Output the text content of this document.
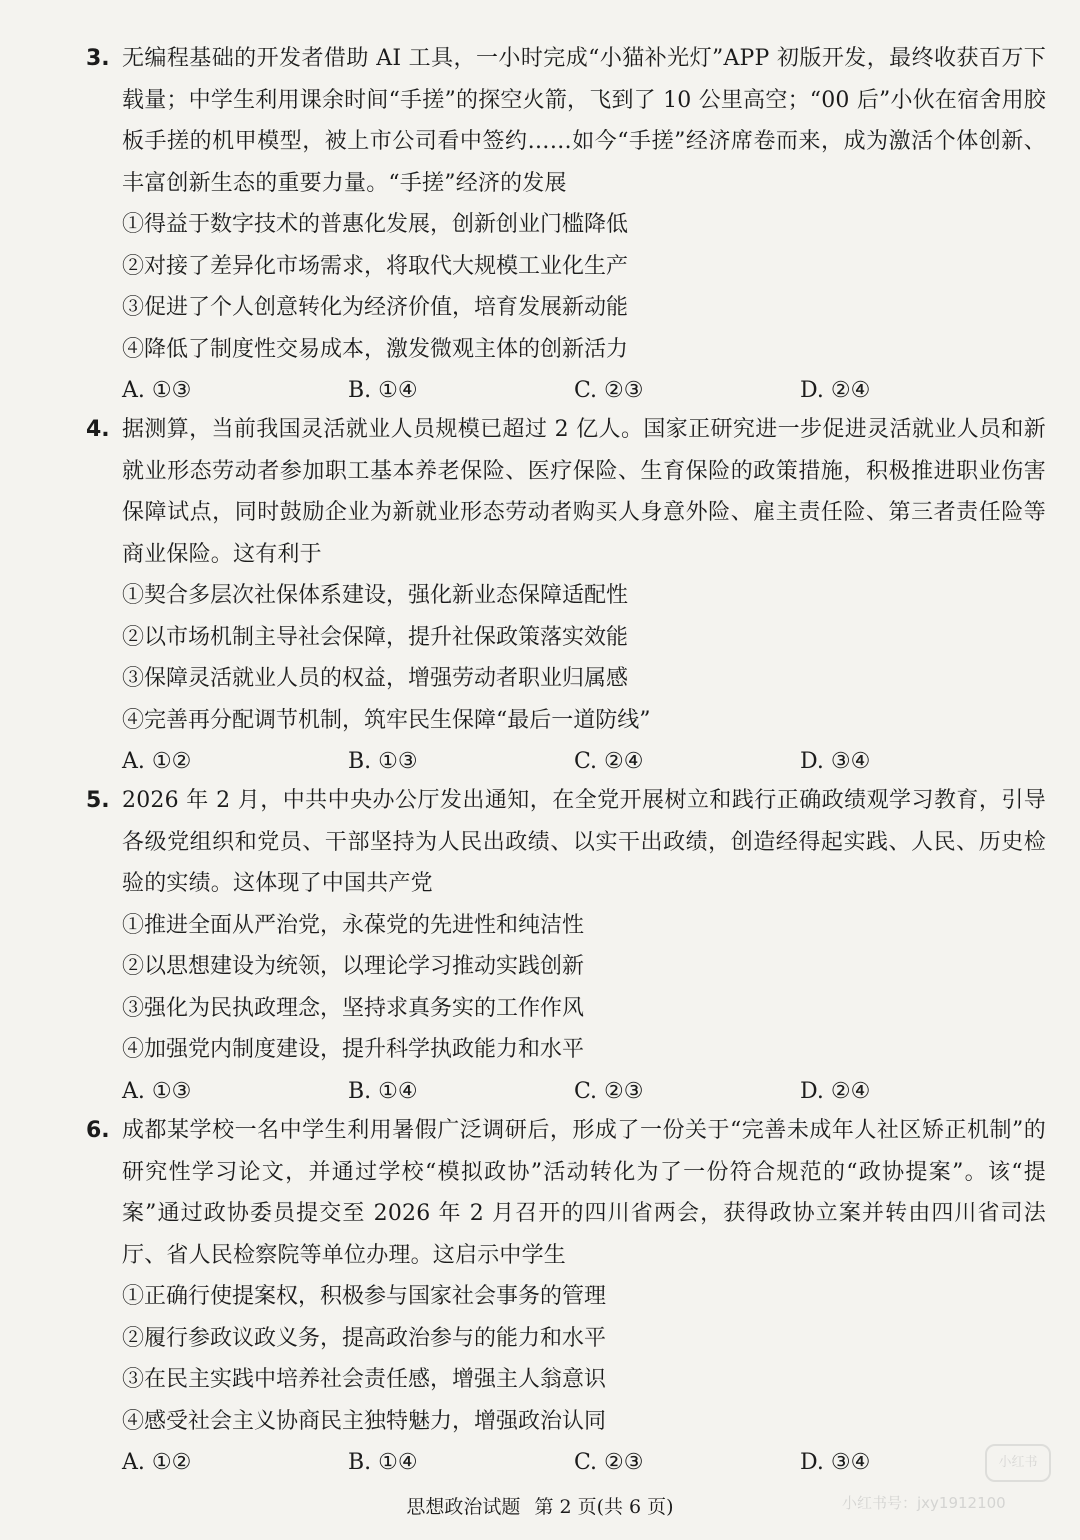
3. 无编程基础的开发者借助 AI 工具，一小时完成“小猫补光灯”APP 初版开发，最终收获百万下载量；中学生利用课余时间“手搓”的探空火箭，飞到了 10 公里高空；“00 后”小伙在宿舍用胶板手搓的机甲模型，被上市公司看中签约……如今“手搓”经济席卷而来，成为激活个体创新、丰富创新生态的重要力量。“手搓”经济的发展
①得益于数字技术的普惠化发展，创新创业门槛降低
②对接了差异化市场需求，将取代大规模工业化生产
③促进了个人创意转化为经济价值，培育发展新动能
④降低了制度性交易成本，激发微观主体的创新活力
A. ①③	B. ①④	C. ②③	D. ②④
4. 据测算，当前我国灵活就业人员规模已超过 2 亿人。国家正研究进一步促进灵活就业人员和新就业形态劳动者参加职工基本养老保险、医疗保险、生育保险的政策措施，积极推进职业伤害保障试点，同时鼓励企业为新就业形态劳动者购买人身意外险、雇主责任险、第三者责任险等商业保险。这有利于
①契合多层次社保体系建设，强化新业态保障适配性
②以市场机制主导社会保障，提升社保政策落实效能
③保障灵活就业人员的权益，增强劳动者职业归属感
④完善再分配调节机制，筑牢民生保障“最后一道防线”
A. ①②	B. ①③	C. ②④	D. ③④
5. 2026 年 2 月，中共中央办公厅发出通知，在全党开展树立和践行正确政绩观学习教育，引导各级党组织和党员、干部坚持为人民出政绩、以实干出政绩，创造经得起实践、人民、历史检验的实绩。这体现了中国共产党
①推进全面从严治党，永葆党的先进性和纯洁性
②以思想建设为统领，以理论学习推动实践创新
③强化为民执政理念，坚持求真务实的工作作风
④加强党内制度建设，提升科学执政能力和水平
A. ①③	B. ①④	C. ②③	D. ②④
6. 成都某学校一名中学生利用暑假广泛调研后，形成了一份关于“完善未成年人社区矫正机制”的研究性学习论文，并通过学校“模拟政协”活动转化为了一份符合规范的“政协提案”。该“提案”通过政协委员提交至 2026 年 2 月召开的四川省两会，获得政协立案并转由四川省司法厅、省人民检察院等单位办理。这启示中学生
①正确行使提案权，积极参与国家社会事务的管理
②履行参政议政义务，提高政治参与的能力和水平
③在民主实践中培养社会责任感，增强主人翁意识
④感受社会主义协商民主独特魅力，增强政治认同
A. ①②	B. ①④	C. ②③	D. ③④
思想政治试题 第 2 页(共 6 页)
小红书
小红书号：jxy1912100
